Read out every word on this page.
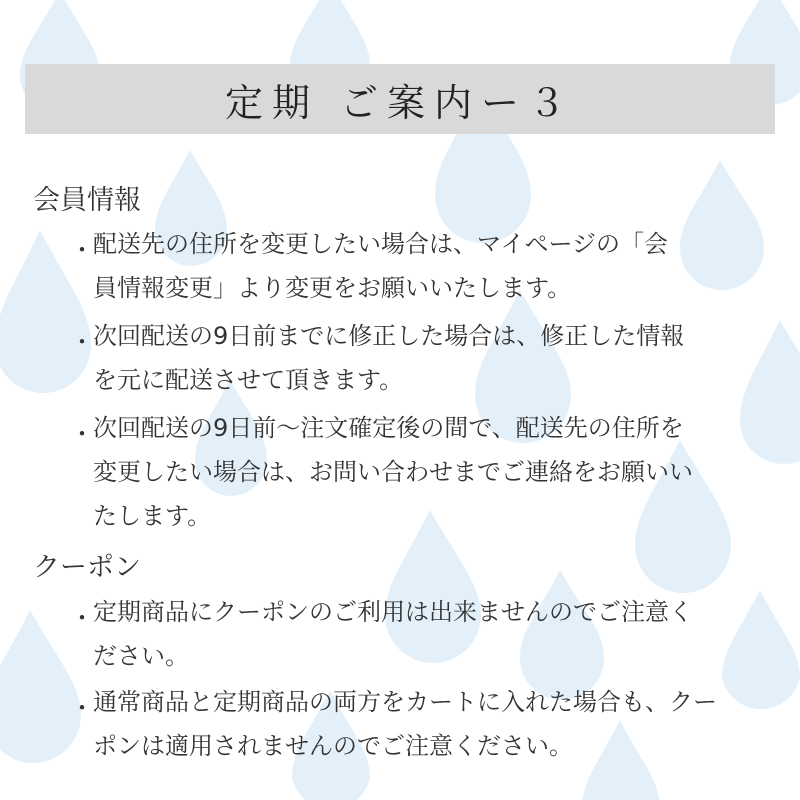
定期 ご案内ー３
会員情報
・ 配送先の住所を変更したい場合は、マイページの「会
員情報変更」より変更をお願いいたします。
・ 次回配送の9日前までに修正した場合は、修正した情報
を元に配送させて頂きます。
・ 次回配送の9日前～注文確定後の間で、配送先の住所を
変更したい場合は、お問い合わせまでご連絡をお願いい
たします。
クーポン
・ 定期商品にクーポンのご利用は出来ませんのでご注意く
ださい。
・ 通常商品と定期商品の両方をカートに入れた場合も、クー
ポンは適用されませんのでご注意ください。
